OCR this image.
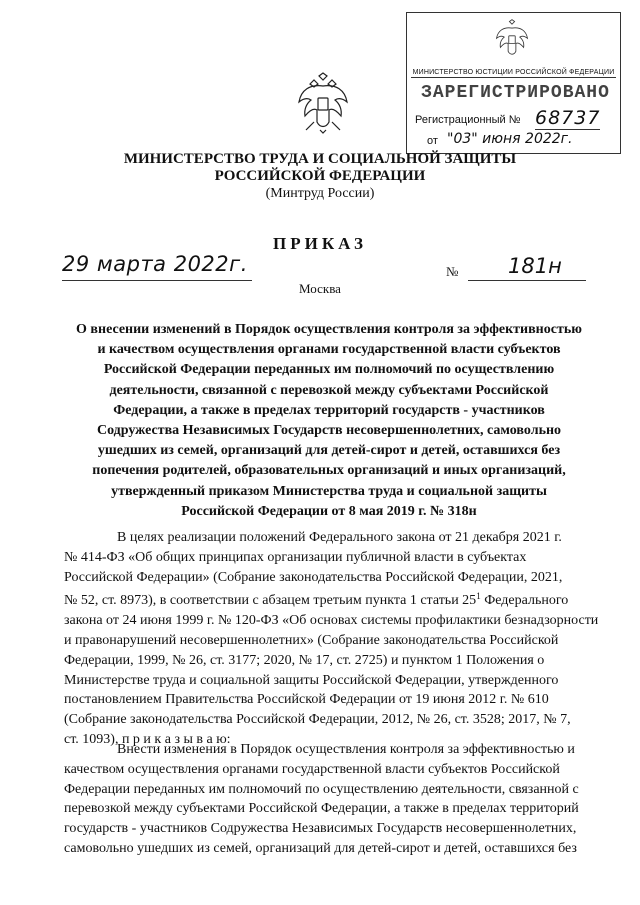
МИНИСТЕРСТВО ЮСТИЦИИ РОССИЙСКОЙ ФЕДЕРАЦИИ
ЗАРЕГИСТРИРОВАНО
Регистрационный № 68737
от "03" июня 2022г.
МИНИСТЕРСТВО ТРУДА И СОЦИАЛЬНОЙ ЗАЩИТЫ
РОССИЙСКОЙ ФЕДЕРАЦИИ
(Минтруд России)
ПРИКАЗ
29 марта 2022г.	№ 181н
Москва
О внесении изменений в Порядок осуществления контроля за эффективностью
и качеством осуществления органами государственной власти субъектов
Российской Федерации переданных им полномочий по осуществлению
деятельности, связанной с перевозкой между субъектами Российской
Федерации, а также в пределах территорий государств - участников
Содружества Независимых Государств несовершеннолетних, самовольно
ушедших из семей, организаций для детей-сирот и детей, оставшихся без
попечения родителей, образовательных организаций и иных организаций,
утвержденный приказом Министерства труда и социальной защиты
Российской Федерации от 8 мая 2019 г. № 318н
В целях реализации положений Федерального закона от 21 декабря 2021 г.
№ 414-ФЗ «Об общих принципах организации публичной власти в субъектах
Российской Федерации» (Собрание законодательства Российской Федерации, 2021,
№ 52, ст. 8973), в соответствии с абзацем третьим пункта 1 статьи $25^1$ Федерального
закона от 24 июня 1999 г. № 120-ФЗ «Об основах системы профилактики безнадзорности
и правонарушений несовершеннолетних» (Собрание законодательства Российской
Федерации, 1999, № 26, ст. 3177; 2020, № 17, ст. 2725) и пунктом 1 Положения о
Министерстве труда и социальной защиты Российской Федерации, утвержденного
постановлением Правительства Российской Федерации от 19 июня 2012 г. № 610
(Собрание законодательства Российской Федерации, 2012, № 26, ст. 3528; 2017, № 7,
ст. 1093), п р и к а з ы в а ю:
Внести изменения в Порядок осуществления контроля за эффективностью и
качеством осуществления органами государственной власти субъектов Российской
Федерации переданных им полномочий по осуществлению деятельности, связанной с
перевозкой между субъектами Российской Федерации, а также в пределах территорий
государств - участников Содружества Независимых Государств несовершеннолетних,
самовольно ушедших из семей, организаций для детей-сирот и детей, оставшихся без
